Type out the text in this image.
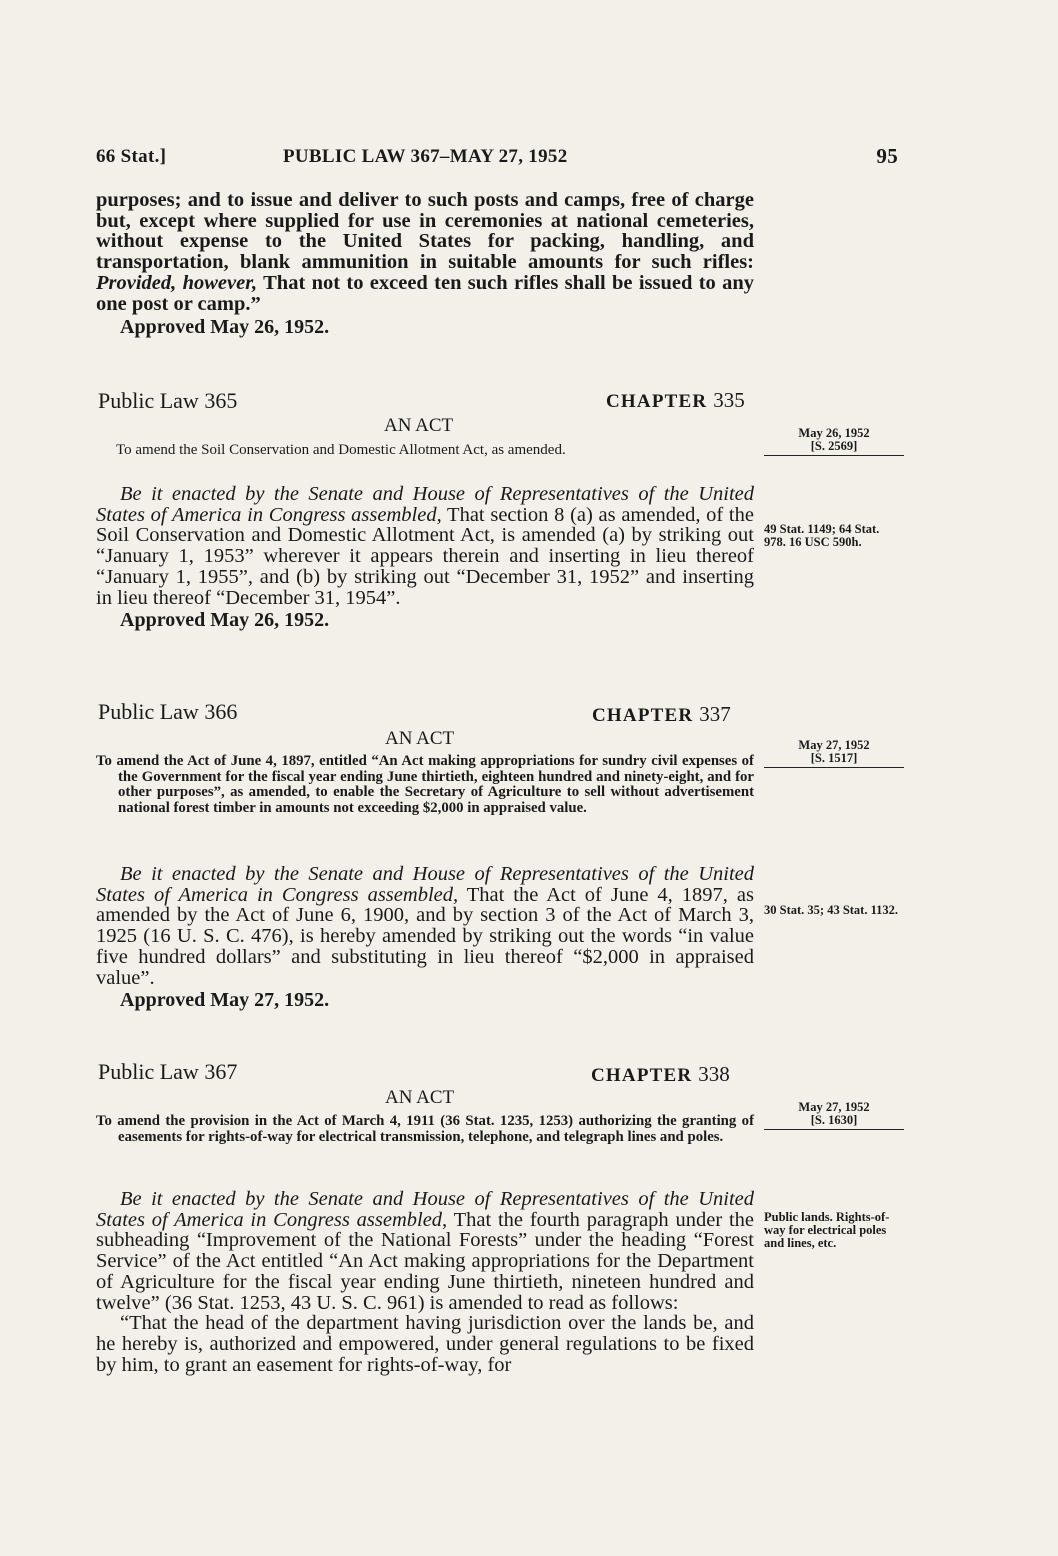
66 Stat.]	PUBLIC LAW 367–MAY 27, 1952	95

purposes; and to issue and deliver to such posts and camps, free of charge but, except where supplied for use in ceremonies at national cemeteries, without expense to the United States for packing, handling, and transportation, blank ammunition in suitable amounts for such rifles: Provided, however, That not to exceed ten such rifles shall be issued to any one post or camp.”

Approved May 26, 1952.

Public Law 365	CHAPTER 335
AN ACT

To amend the Soil Conservation and Domestic Allotment Act, as amended.

May 26, 1952
[S. 2569]

Be it enacted by the Senate and House of Representatives of the United States of America in Congress assembled, That section 8 (a) as amended, of the Soil Conservation and Domestic Allotment Act, is amended (a) by striking out “January 1, 1953” wherever it appears therein and inserting in lieu thereof “January 1, 1955”, and (b) by striking out “December 31, 1952” and inserting in lieu thereof “December 31, 1954”.

Approved May 26, 1952.

49 Stat. 1149; 64 Stat. 978. 16 USC 590h.
Public Law 366	CHAPTER 337
AN ACT

To amend the Act of June 4, 1897, entitled “An Act making appropriations for sundry civil expenses of the Government for the fiscal year ending June thirtieth, eighteen hundred and ninety-eight, and for other purposes”, as amended, to enable the Secretary of Agriculture to sell without advertisement national forest timber in amounts not exceeding $2,000 in appraised value.

May 27, 1952
[S. 1517]

Be it enacted by the Senate and House of Representatives of the United States of America in Congress assembled, That the Act of June 4, 1897, as amended by the Act of June 6, 1900, and by section 3 of the Act of March 3, 1925 (16 U. S. C. 476), is hereby amended by striking out the words “in value five hundred dollars” and substituting in lieu thereof “$2,000 in appraised value”.

Approved May 27, 1952.

30 Stat. 35; 43 Stat. 1132.
Public Law 367	CHAPTER 338
AN ACT

To amend the provision in the Act of March 4, 1911 (36 Stat. 1235, 1253) authorizing the granting of easements for rights-of-way for electrical transmission, telephone, and telegraph lines and poles.

May 27, 1952
[S. 1630]

Be it enacted by the Senate and House of Representatives of the United States of America in Congress assembled, That the fourth paragraph under the subheading “Improvement of the National Forests” under the heading “Forest Service” of the Act entitled “An Act making appropriations for the Department of Agriculture for the fiscal year ending June thirtieth, nineteen hundred and twelve” (36 Stat. 1253, 43 U. S. C. 961) is amended to read as follows:

“That the head of the department having jurisdiction over the lands be, and he hereby is, authorized and empowered, under general regulations to be fixed by him, to grant an easement for rights-of-way, for

Public lands. Rights-of-way for electrical poles and lines, etc.
